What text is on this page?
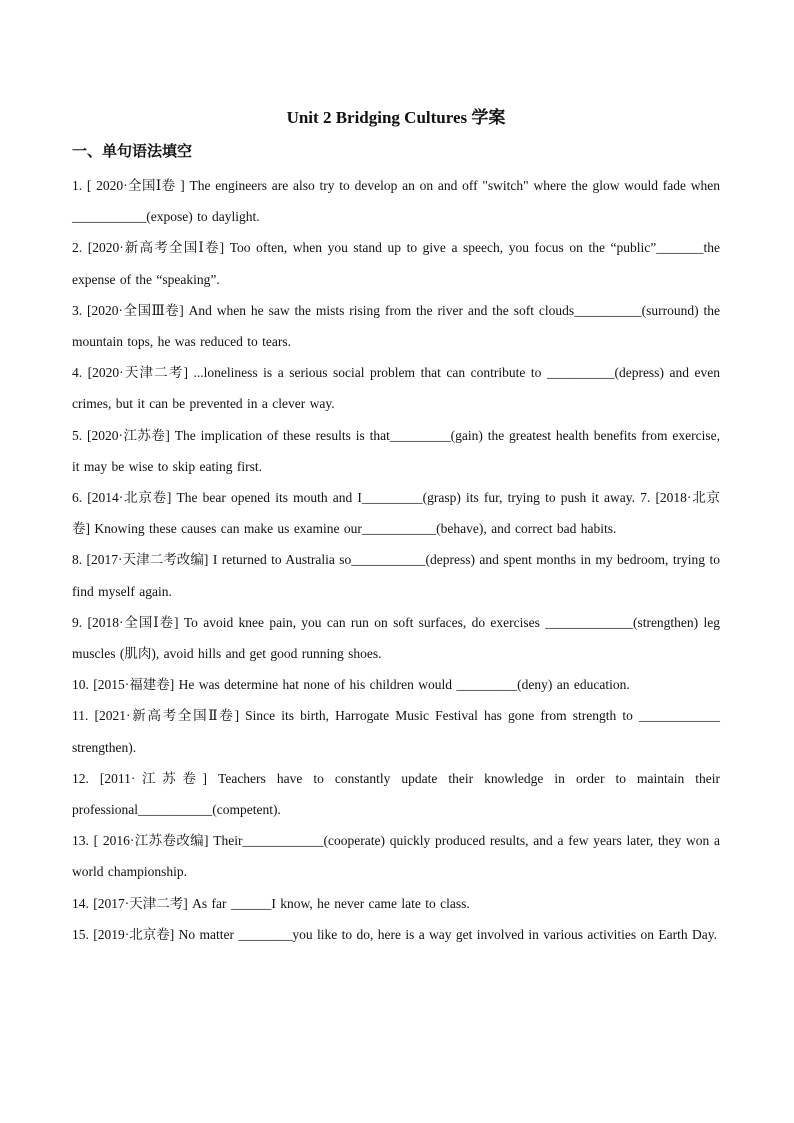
Unit 2 Bridging Cultures 学案
一、单句语法填空

1. [ 2020·全国Ⅰ卷 ] The engineers are also try to develop an on and off "switch" where the glow would fade when ___________(expose) to daylight.

2. [2020·新高考全国Ⅰ卷] Too often, when you stand up to give a speech, you focus on the “public”_______the expense of the “speaking”.

3. [2020·全国Ⅲ卷] And when he saw the mists rising from the river and the soft clouds__________(surround) the mountain tops, he was reduced to tears.

4. [2020·天津二考] ...loneliness is a serious social problem that can contribute to __________(depress) and even crimes, but it can be prevented in a clever way.

5. [2020·江苏卷] The implication of these results is that_________(gain) the greatest health benefits from exercise, it may be wise to skip eating first.

6. [2014·北京卷] The bear opened its mouth and I_________(grasp) its fur, trying to push it away. 7. [2018·北京卷] Knowing these causes can make us examine our___________(behave), and correct bad habits.

8. [2017·天津二考改编] I returned to Australia so___________(depress) and spent months in my bedroom, trying to find myself again.

9. [2018·全国Ⅰ卷] To avoid knee pain, you can run on soft surfaces, do exercises _____________(strengthen) leg muscles (肌肉), avoid hills and get good running shoes.

10. [2015·福建卷] He was determine hat none of his children would _________(deny) an education.

11. [2021·新高考全国Ⅱ卷] Since its birth, Harrogate Music Festival has gone from strength to ____________ strengthen).

12. [2011·江苏卷] Teachers have to constantly update their knowledge in order to maintain their professional___________(competent).

13. [ 2016·江苏卷改编] Their____________(cooperate) quickly produced results, and a few years later, they won a world championship.

14. [2017·天津二考] As far ______I know, he never came late to class.

15. [2019·北京卷] No matter ________you like to do, here is a way get involved in various activities on Earth Day.
